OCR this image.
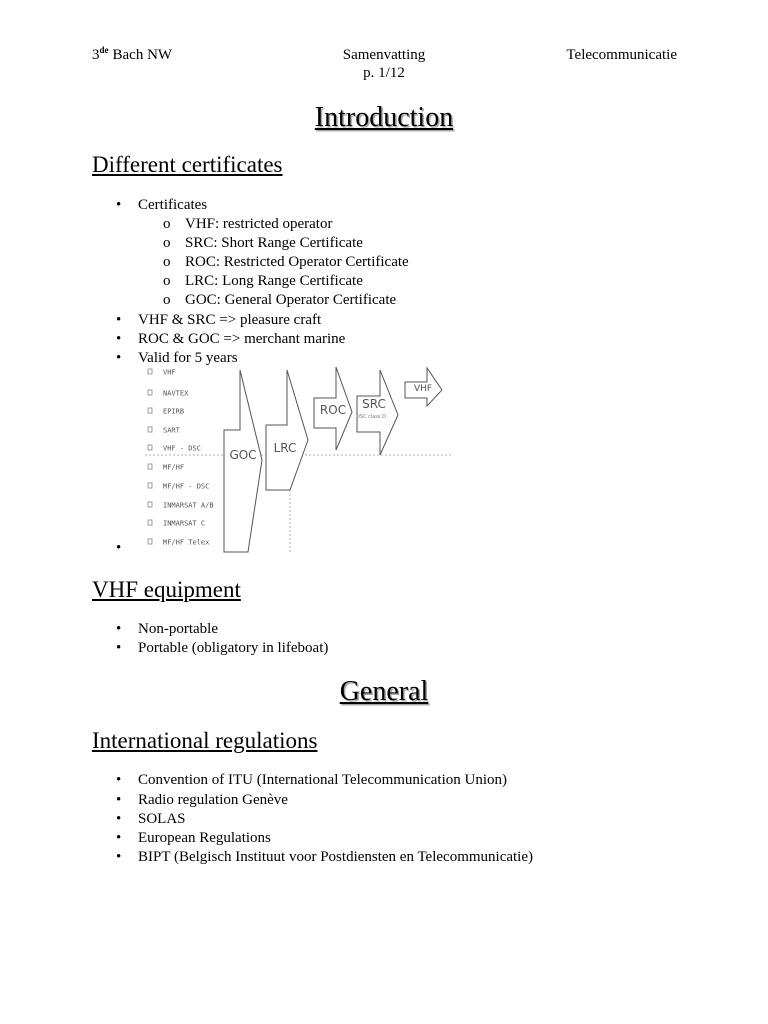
3de Bach NW	Samenvatting	Telecommunicatie
p. 1/12
Introduction
Different certificates
• Certificates
o VHF: restricted operator
o SRC: Short Range Certificate
o ROC: Restricted Operator Certificate
o LRC: Long Range Certificate
o GOC: General Operator Certificate
• VHF & SRC => pleasure craft
• ROC & GOC => merchant marine
• Valid for 5 years
•
VHF
NAVTEX
EPIRB
SART
VHF - DSC
MF/HF
MF/HF - DSC
INMARSAT A/B
INMARSAT C
MF/HF Telex
GOC LRC
ROC SRC
DSC class D
VHF
VHF equipment
• Non-portable
• Portable (obligatory in lifeboat)
General
International regulations
• Convention of ITU (International Telecommunication Union)
• Radio regulation Genève
• SOLAS
• European Regulations
• BIPT (Belgisch Instituut voor Postdiensten en Telecommunicatie)
